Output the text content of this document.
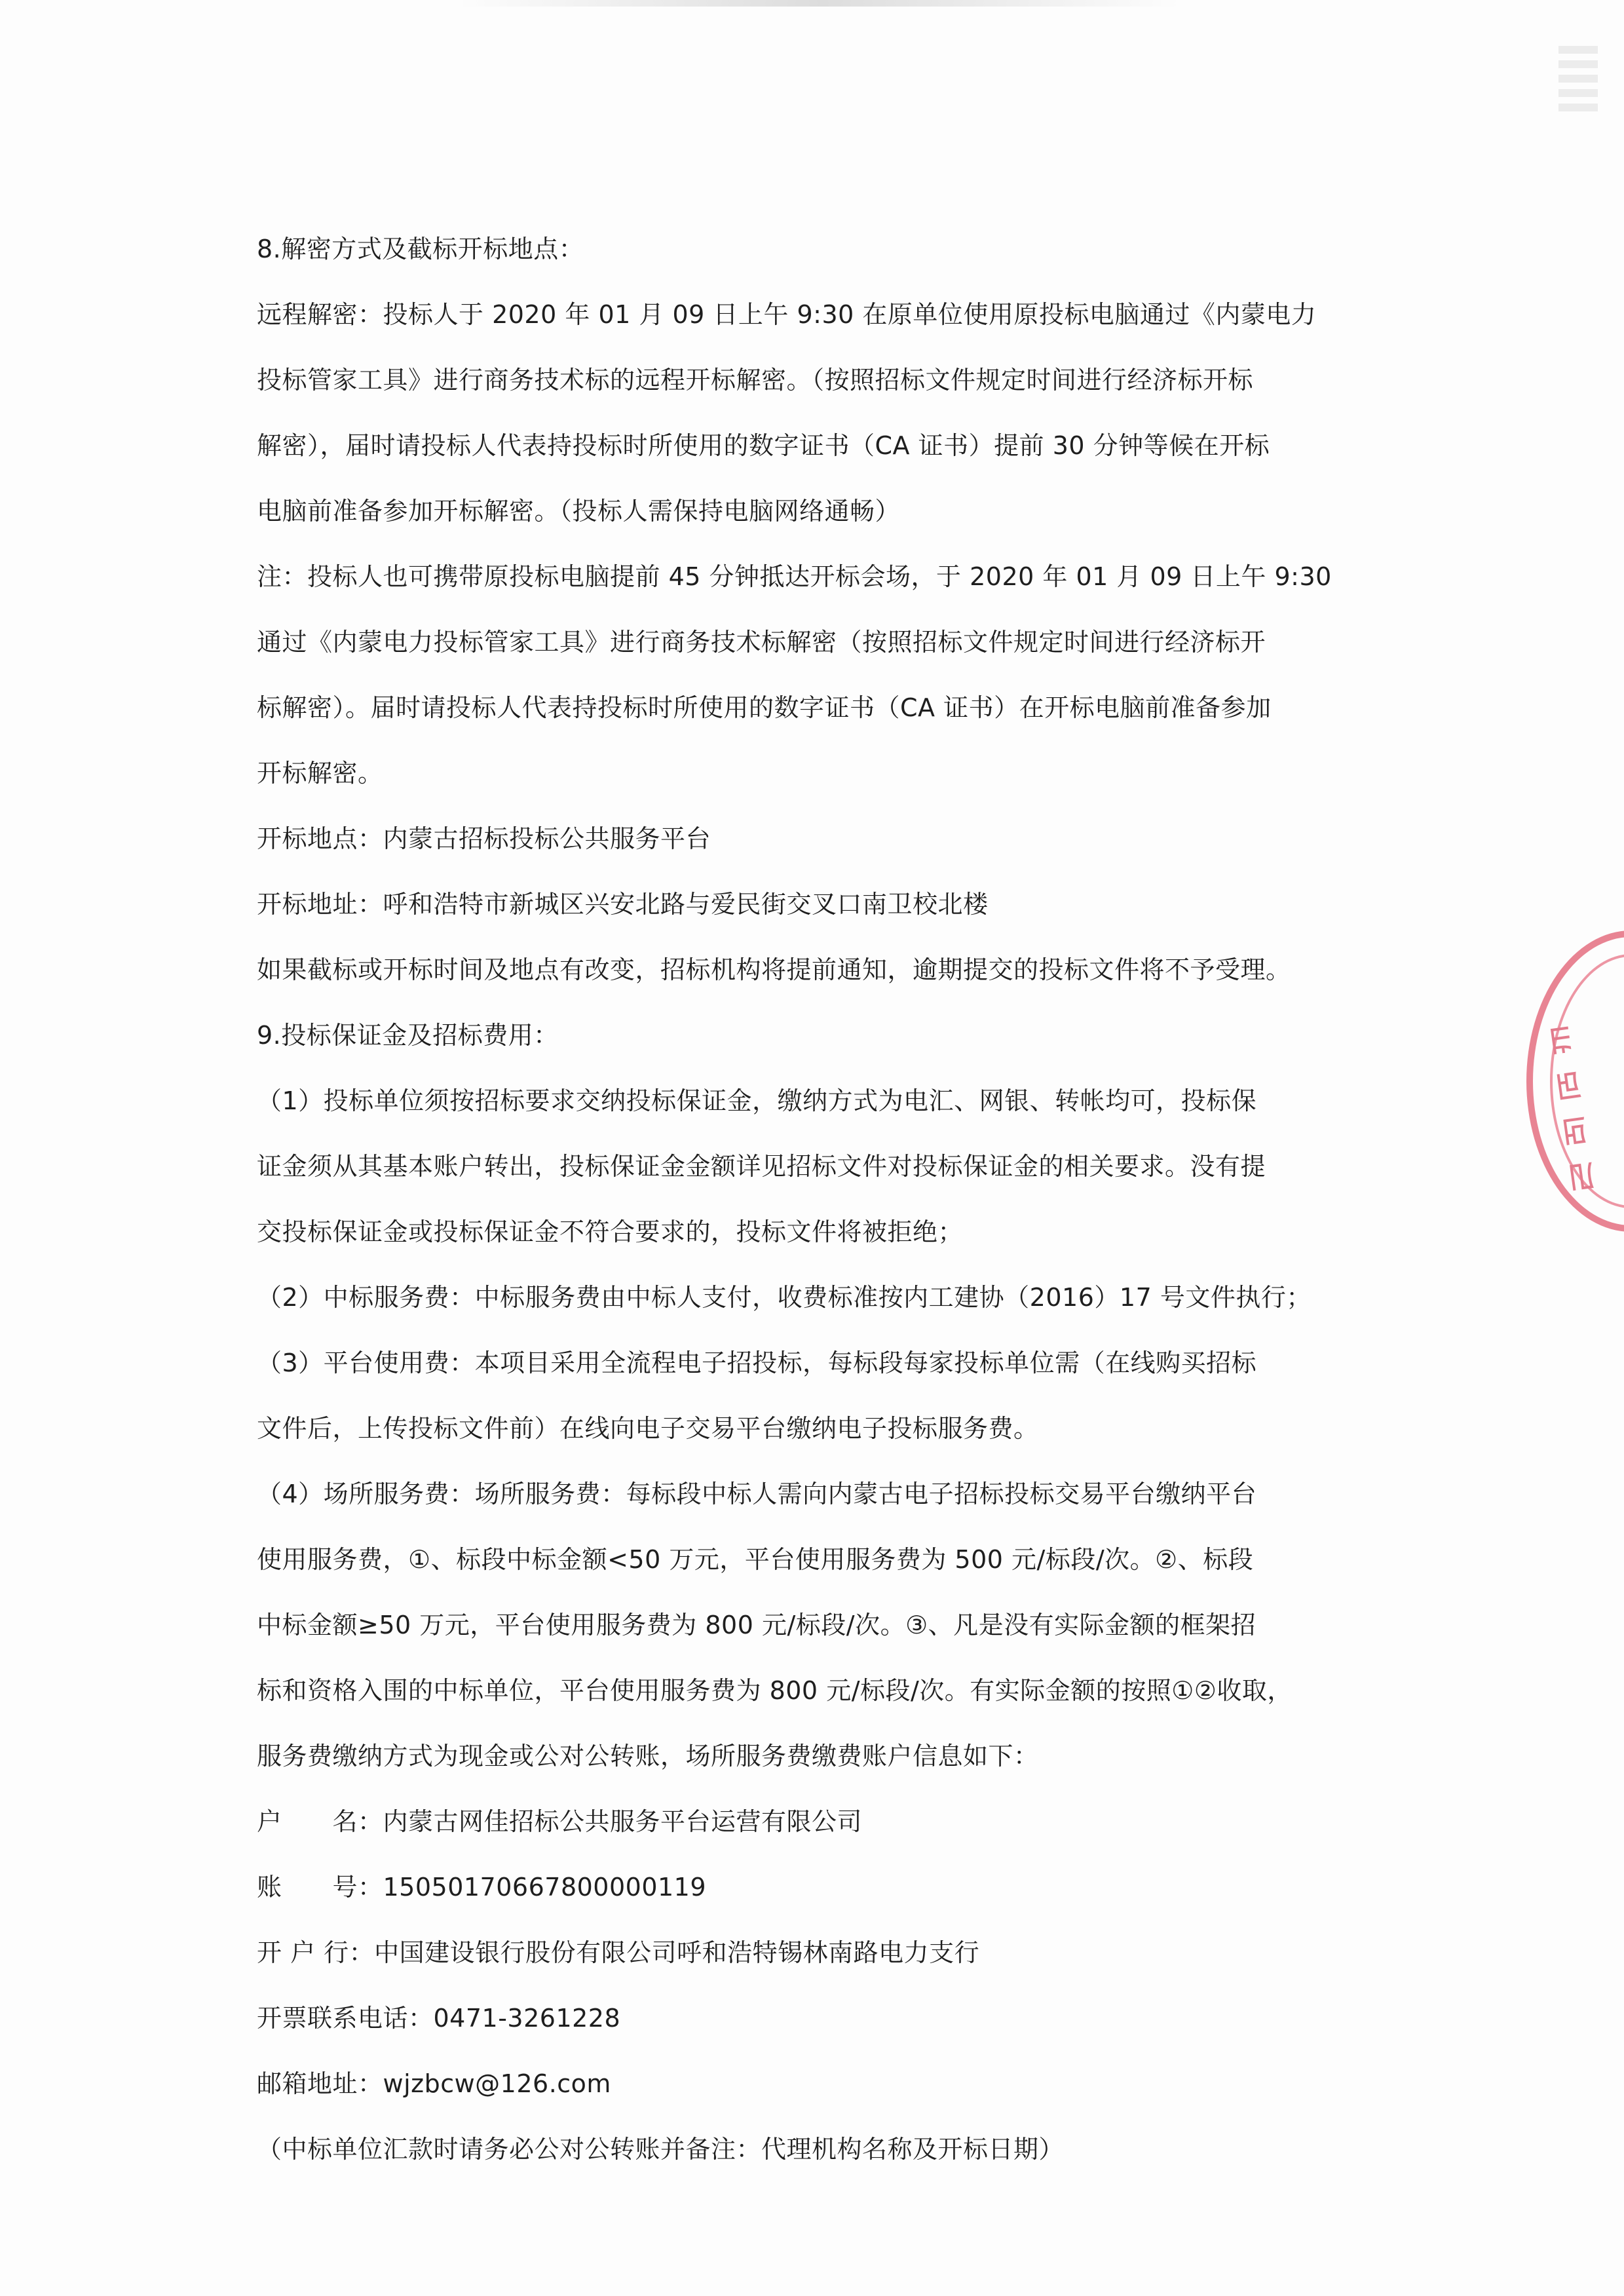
8.解密方式及截标开标地点：
远程解密：投标人于 2020 年 01 月 09 日上午 9:30 在原单位使用原投标电脑通过《内蒙电力
投标管家工具》进行商务技术标的远程开标解密。（按照招标文件规定时间进行经济标开标
解密），届时请投标人代表持投标时所使用的数字证书（CA 证书）提前 30 分钟等候在开标
电脑前准备参加开标解密。（投标人需保持电脑网络通畅）
注：投标人也可携带原投标电脑提前 45 分钟抵达开标会场，于 2020 年 01 月 09 日上午 9:30
通过《内蒙电力投标管家工具》进行商务技术标解密（按照招标文件规定时间进行经济标开
标解密）。届时请投标人代表持投标时所使用的数字证书（CA 证书）在开标电脑前准备参加
开标解密。
开标地点：内蒙古招标投标公共服务平台
开标地址：呼和浩特市新城区兴安北路与爱民街交叉口南卫校北楼
如果截标或开标时间及地点有改变，招标机构将提前通知，逾期提交的投标文件将不予受理。
9.投标保证金及招标费用：
（1）投标单位须按招标要求交纳投标保证金，缴纳方式为电汇、网银、转帐均可，投标保
证金须从其基本账户转出，投标保证金金额详见招标文件对投标保证金的相关要求。没有提
交投标保证金或投标保证金不符合要求的，投标文件将被拒绝；
（2）中标服务费：中标服务费由中标人支付，收费标准按内工建协（2016）17 号文件执行；
（3）平台使用费：本项目采用全流程电子招投标，每标段每家投标单位需（在线购买招标
文件后，上传投标文件前）在线向电子交易平台缴纳电子投标服务费。
（4）场所服务费：场所服务费：每标段中标人需向内蒙古电子招标投标交易平台缴纳平台
使用服务费，①、标段中标金额<50 万元，平台使用服务费为 500 元/标段/次。②、标段
中标金额≥50 万元，平台使用服务费为 800 元/标段/次。③、凡是没有实际金额的框架招
标和资格入围的中标单位，平台使用服务费为 800 元/标段/次。有实际金额的按照①②收取，
服务费缴纳方式为现金或公对公转账，场所服务费缴费账户信息如下：
户　　名：内蒙古网佳招标公共服务平台运营有限公司
账　　号：15050170667800000119
开 户 行：中国建设银行股份有限公司呼和浩特锡林南路电力支行
开票联系电话：0471-3261228
邮箱地址：wjzbcw@126.com
（中标单位汇款时请务必公对公转账并备注：代理机构名称及开标日期）
ꡀ
ꡁ
ꡂ
ꡃ
